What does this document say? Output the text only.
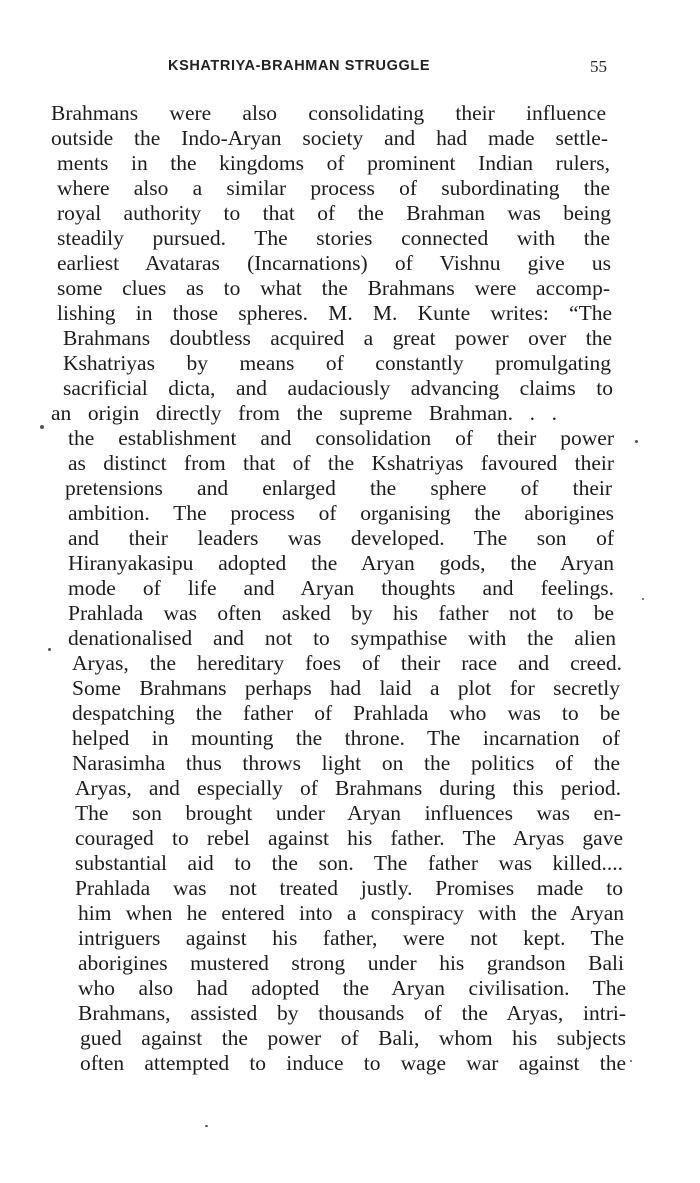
KSHATRIYA-BRAHMAN STRUGGLE	55
Brahmans were also consolidating their influence
outside the Indo-Aryan society and had made settle-
ments in the kingdoms of prominent Indian rulers,
where also a similar process of subordinating the
royal authority to that of the Brahman was being
steadily pursued. The stories connected with the
earliest Avataras (Incarnations) of Vishnu give us
some clues as to what the Brahmans were accomp-
lishing in those spheres. M. M. Kunte writes: “The
Brahmans doubtless acquired a great power over the
Kshatriyas by means of constantly promulgating
sacrificial dicta, and audaciously advancing claims to
an origin directly from the supreme Brahman. . .
the establishment and consolidation of their power
as distinct from that of the Kshatriyas favoured their
pretensions and enlarged the sphere of their
ambition. The process of organising the aborigines
and their leaders was developed. The son of
Hiranyakasipu adopted the Aryan gods, the Aryan
mode of life and Aryan thoughts and feelings.
Prahlada was often asked by his father not to be
denationalised and not to sympathise with the alien
Aryas, the hereditary foes of their race and creed.
Some Brahmans perhaps had laid a plot for secretly
despatching the father of Prahlada who was to be
helped in mounting the throne. The incarnation of
Narasimha thus throws light on the politics of the
Aryas, and especially of Brahmans during this period.
The son brought under Aryan influences was en-
couraged to rebel against his father. The Aryas gave
substantial aid to the son. The father was killed....
Prahlada was not treated justly. Promises made to
him when he entered into a conspiracy with the Aryan
intriguers against his father, were not kept. The
aborigines mustered strong under his grandson Bali
who also had adopted the Aryan civilisation. The
Brahmans, assisted by thousands of the Aryas, intri-
gued against the power of Bali, whom his subjects
often attempted to induce to wage war against the
